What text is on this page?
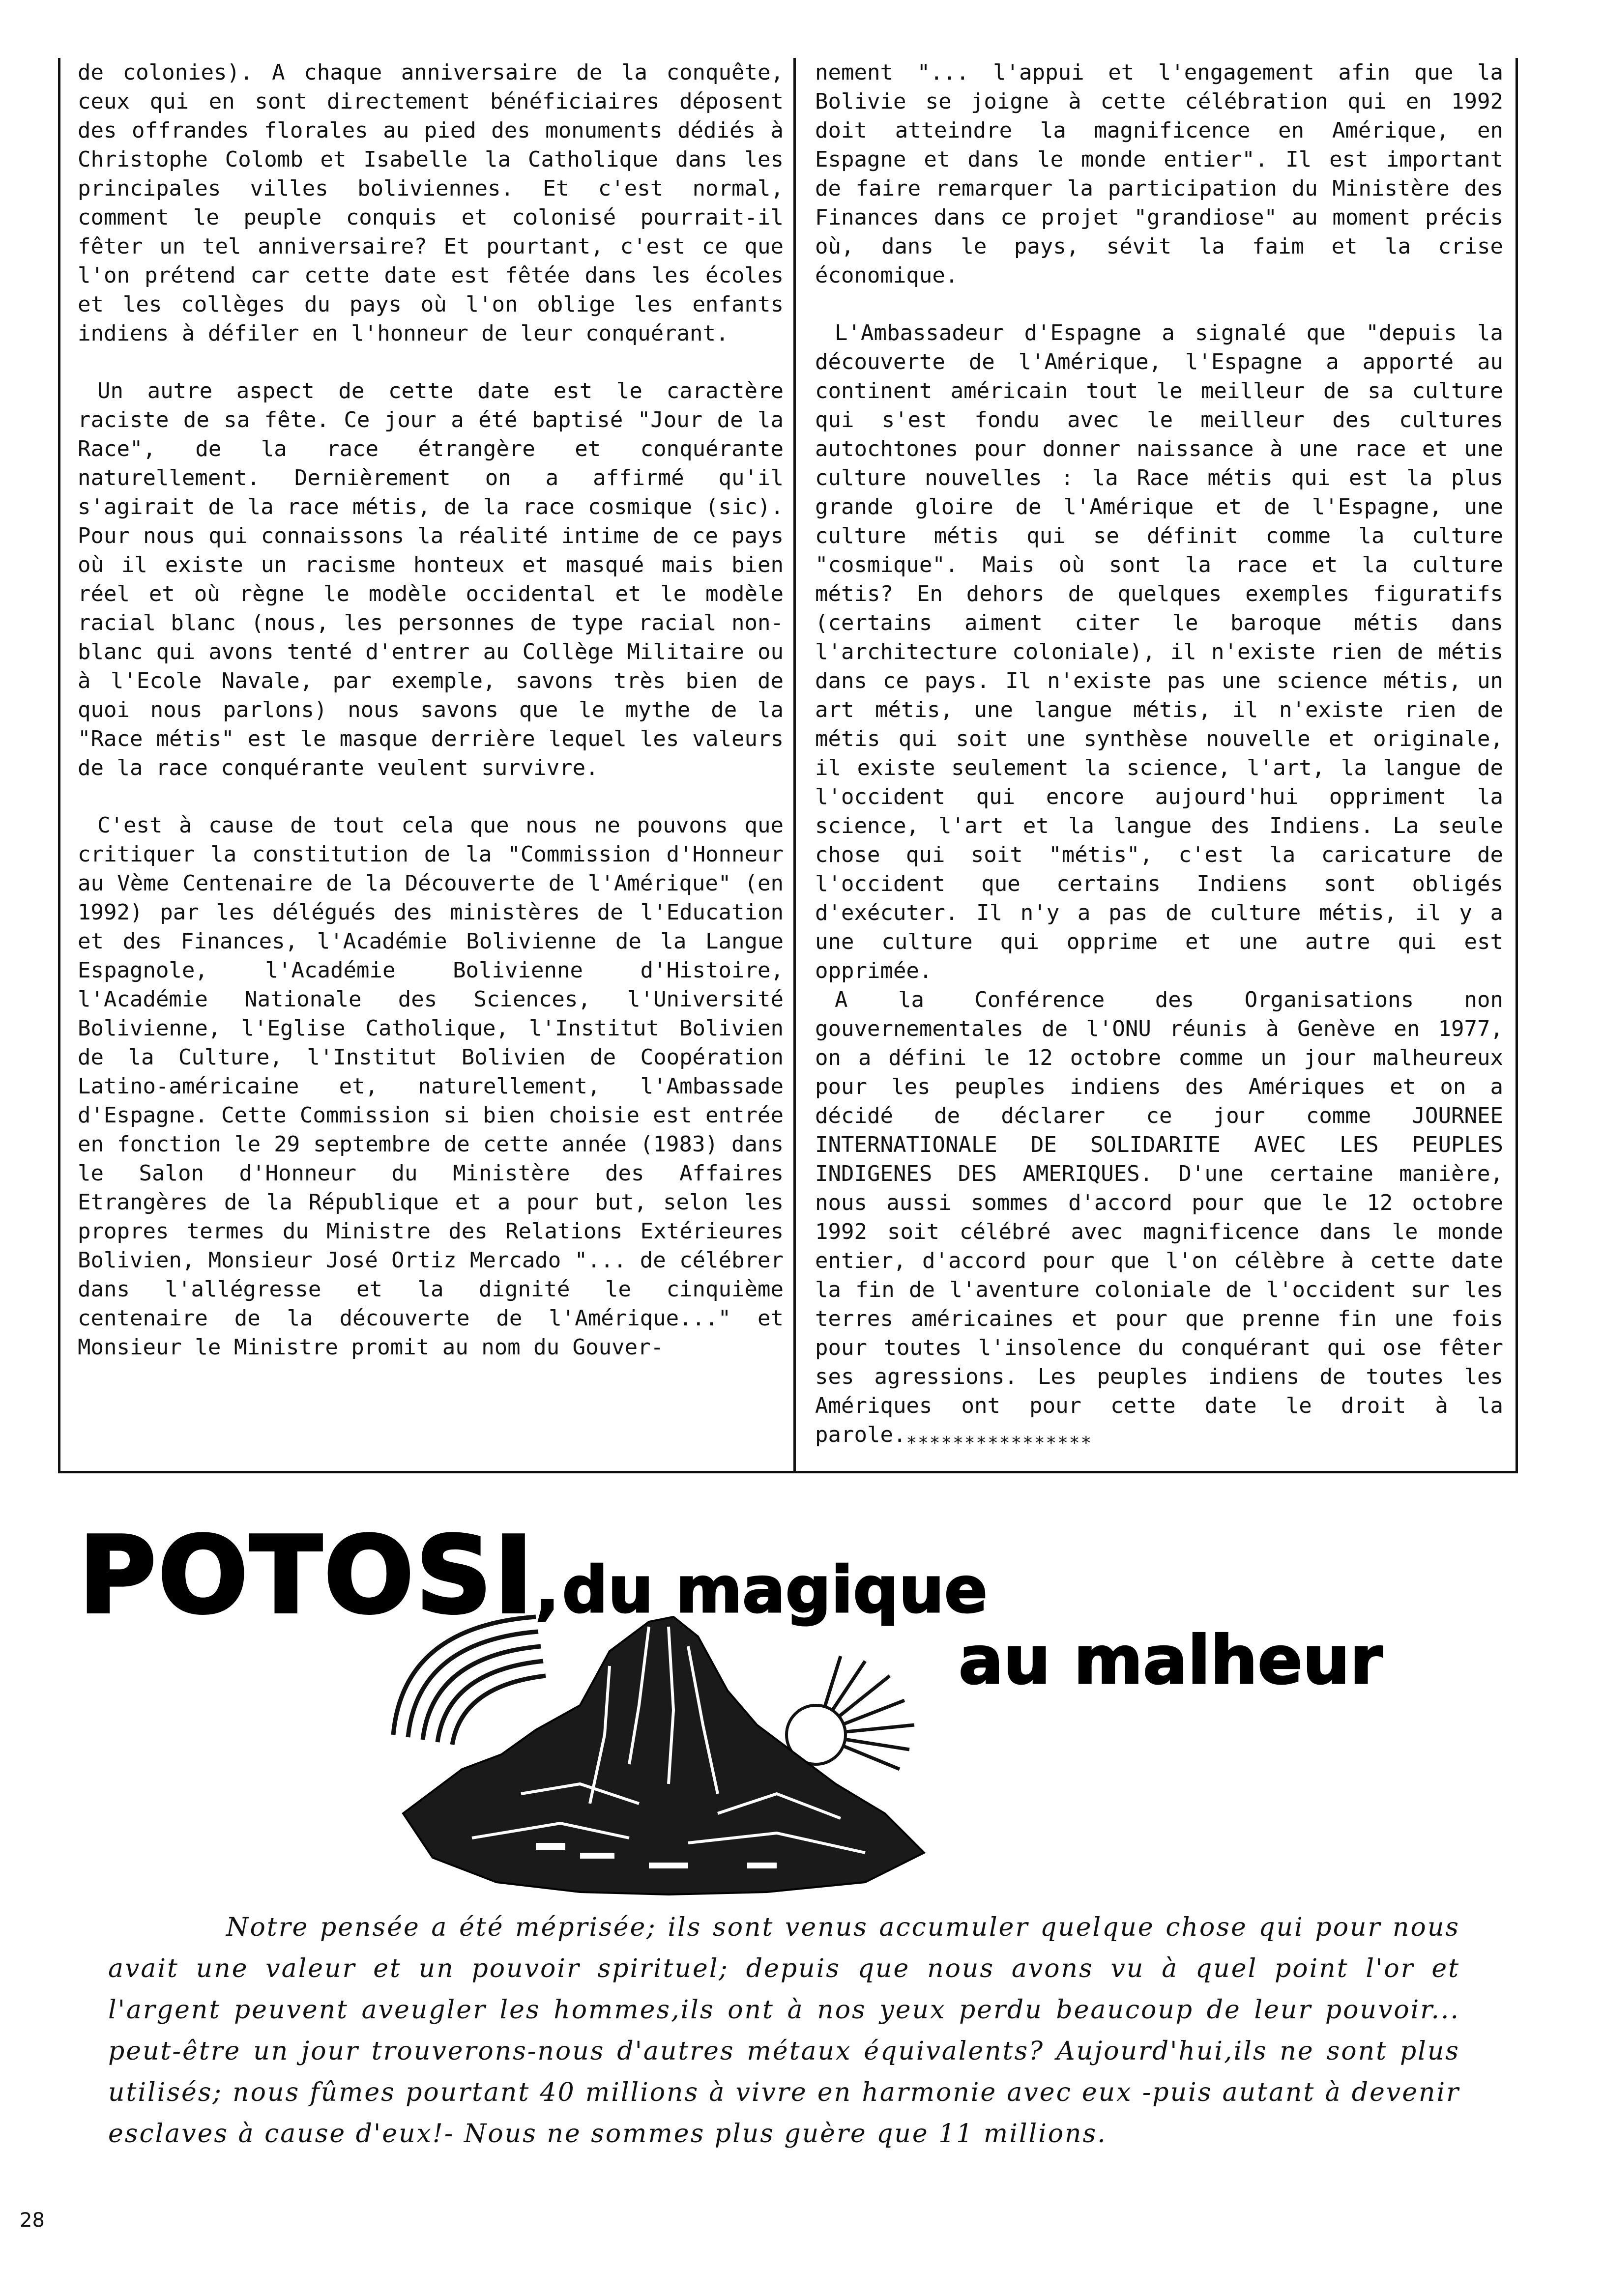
de colonies). A chaque anniversaire de la conquête, ceux qui en sont directement bénéficiaires déposent des offrandes florales au pied des monuments dédiés à Christophe Colomb et Isabelle la Catholique dans les principales villes boliviennes. Et c'est normal, comment le peuple conquis et colonisé pourrait-il fêter un tel anniversaire? Et pourtant, c'est ce que l'on prétend car cette date est fêtée dans les écoles et les collèges du pays où l'on oblige les enfants indiens à défiler en l'honneur de leur conquérant.

Un autre aspect de cette date est le caractère raciste de sa fête. Ce jour a été baptisé "Jour de la Race", de la race étrangère et conquérante naturellement. Dernièrement on a affirmé qu'il s'agirait de la race métis, de la race cosmique (sic). Pour nous qui connaissons la réalité intime de ce pays où il existe un racisme honteux et masqué mais bien réel et où règne le modèle occidental et le modèle racial blanc (nous, les personnes de type racial non-blanc qui avons tenté d'entrer au Collège Militaire ou à l'Ecole Navale, par exemple, savons très bien de quoi nous parlons) nous savons que le mythe de la "Race métis" est le masque derrière lequel les valeurs de la race conquérante veulent survivre.

C'est à cause de tout cela que nous ne pouvons que critiquer la constitution de la "Commission d'Honneur au Vème Centenaire de la Découverte de l'Amérique" (en 1992) par les délégués des ministères de l'Education et des Finances, l'Académie Bolivienne de la Langue Espagnole, l'Académie Bolivienne d'Histoire, l'Académie Nationale des Sciences, l'Université Bolivienne, l'Eglise Catholique, l'Institut Bolivien de la Culture, l'Institut Bolivien de Coopération Latino-américaine et, naturellement, l'Ambassade d'Espagne. Cette Commission si bien choisie est entrée en fonction le 29 septembre de cette année (1983) dans le Salon d'Honneur du Ministère des Affaires Etrangères de la République et a pour but, selon les propres termes du Ministre des Relations Extérieures Bolivien, Monsieur José Ortiz Mercado "... de célébrer dans l'allégresse et la dignité le cinquième centenaire de la découverte de l'Amérique..." et Monsieur le Ministre promit au nom du Gouver-

nement "... l'appui et l'engagement afin que la Bolivie se joigne à cette célébration qui en 1992 doit atteindre la magnificence en Amérique, en Espagne et dans le monde entier". Il est important de faire remarquer la participation du Ministère des Finances dans ce projet "grandiose" au moment précis où, dans le pays, sévit la faim et la crise économique.

L'Ambassadeur d'Espagne a signalé que "depuis la découverte de l'Amérique, l'Espagne a apporté au continent américain tout le meilleur de sa culture qui s'est fondu avec le meilleur des cultures autochtones pour donner naissance à une race et une culture nouvelles : la Race métis qui est la plus grande gloire de l'Amérique et de l'Espagne, une culture métis qui se définit comme la culture "cosmique". Mais où sont la race et la culture métis? En dehors de quelques exemples figuratifs (certains aiment citer le baroque métis dans l'architecture coloniale), il n'existe rien de métis dans ce pays. Il n'existe pas une science métis, un art métis, une langue métis, il n'existe rien de métis qui soit une synthèse nouvelle et originale, il existe seulement la science, l'art, la langue de l'occident qui encore aujourd'hui oppriment la science, l'art et la langue des Indiens. La seule chose qui soit "métis", c'est la caricature de l'occident que certains Indiens sont obligés d'exécuter. Il n'y a pas de culture métis, il y a une culture qui opprime et une autre qui est opprimée.

A la Conférence des Organisations non gouvernementales de l'ONU réunis à Genève en 1977, on a défini le 12 octobre comme un jour malheureux pour les peuples indiens des Amériques et on a décidé de déclarer ce jour comme JOURNEE INTERNATIONALE DE SOLIDARITE AVEC LES PEUPLES INDIGENES DES AMERIQUES. D'une certaine manière, nous aussi sommes d'accord pour que le 12 octobre 1992 soit célébré avec magnificence dans le monde entier, d'accord pour que l'on célèbre à cette date la fin de l'aventure coloniale de l'occident sur les terres américaines et pour que prenne fin une fois pour toutes l'insolence du conquérant qui ose fêter ses agressions. Les peuples indiens de toutes les Amériques ont pour cette date le droit à la $parole._{****************}$

POTOSI, du magique
au malheur

Notre pensée a été méprisée; ils sont venus accumuler quelque chose qui pour nous avait une valeur et un pouvoir spirituel; depuis que nous avons vu à quel point l'or et l'argent peuvent aveugler les hommes,ils ont à nos yeux perdu beaucoup de leur pouvoir... peut-être un jour trouverons-nous d'autres métaux équivalents? Aujourd'hui,ils ne sont plus utilisés; nous fûmes pourtant 40 millions à vivre en harmonie avec eux -puis autant à devenir esclaves à cause d'eux!- Nous ne sommes plus guère que 11 millions.

28
